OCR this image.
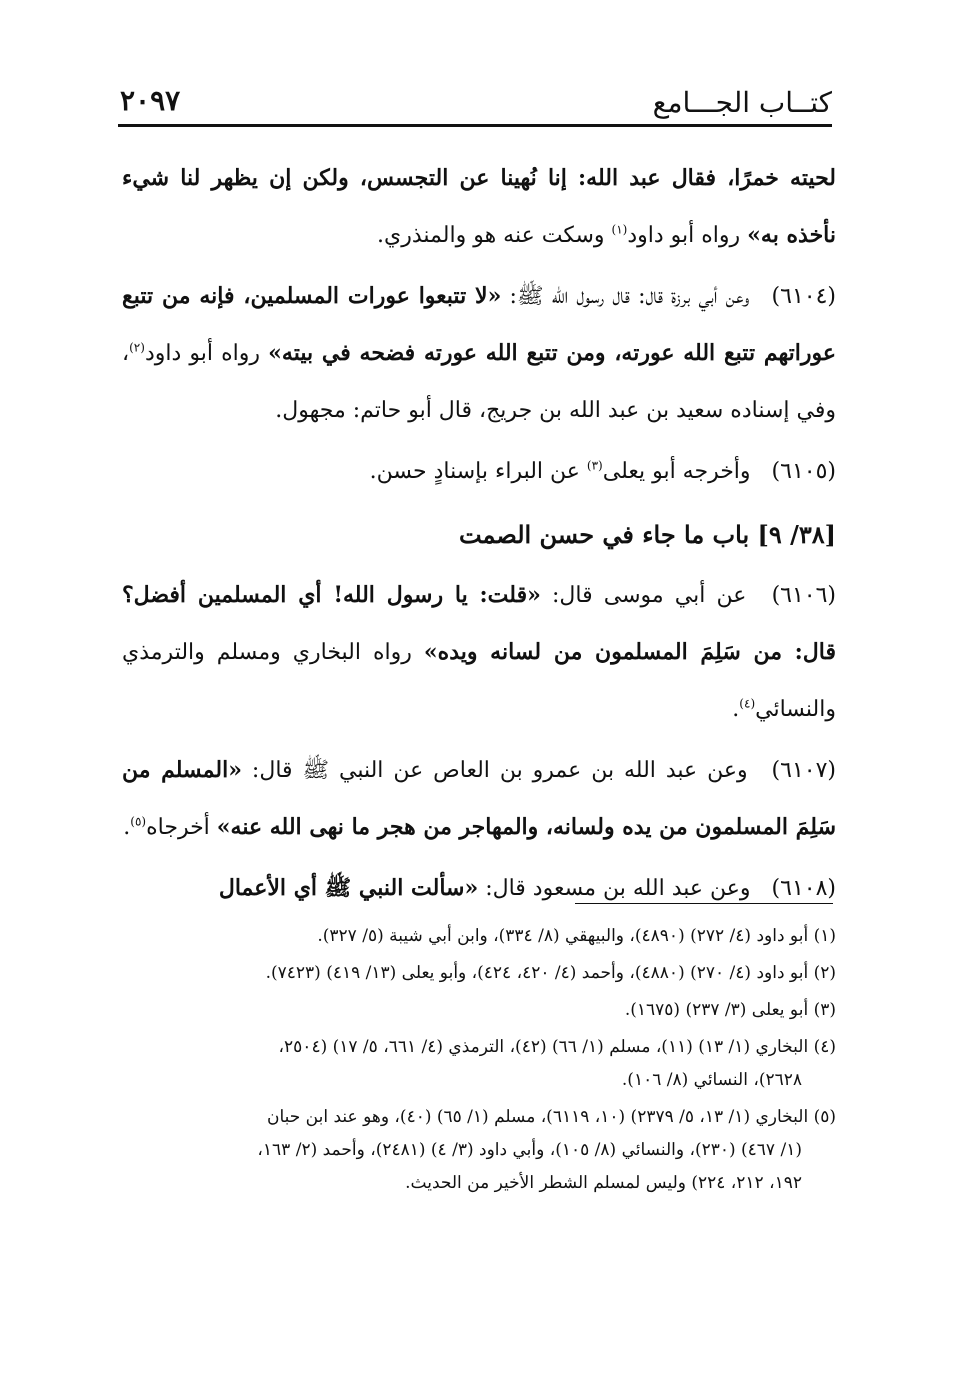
كتــاب الجـــامع
٢٠٩٧

لحيته خمرًا، فقال عبد الله: إنا نُهينا عن التجسس، ولكن إن يظهر لنا شيء نأخذه به» رواه أبو داود$^{(١)}$ وسكت عنه هو والمنذري.

(٦١٠٤) وعن أبي برزة قال: قال رسول الله ﷺ: «لا تتبعوا عورات المسلمين، فإنه من تتبع عوراتهم تتبع الله عورته، ومن تتبع الله عورته فضحه في بيته» رواه أبو داود$^{(٢)}$، وفي إسناده سعيد بن عبد الله بن جريج، قال أبو حاتم: مجهول.

(٦١٠٥) وأخرجه أبو يعلى$^{(٣)}$ عن البراء بإسنادٍ حسن.

[٣٨/ ٩] باب ما جاء في حسن الصمت

(٦١٠٦) عن أبي موسى قال: «قلت: يا رسول الله! أي المسلمين أفضل؟ قال: من سَلِمَ المسلمون من لسانه ويده» رواه البخاري ومسلم والترمذي والنسائي$^{(٤)}$.

(٦١٠٧) وعن عبد الله بن عمرو بن العاص عن النبي ﷺ قال: «المسلم من سَلِمَ المسلمون من يده ولسانه، والمهاجر من هجر ما نهى الله عنه» أخرجاه$^{(٥)}$.

(٦١٠٨) وعن عبد الله بن مسعود قال: «سألت النبي ﷺ أي الأعمال

(١) أبو داود (٤/ ٢٧٢) (٤٨٩٠)، والبيهقي (٨/ ٣٣٤)، وابن أبي شيبة (٥/ ٣٢٧).

(٢) أبو داود (٤/ ٢٧٠) (٤٨٨٠)، وأحمد (٤/ ٤٢٠، ٤٢٤)، وأبو يعلى (١٣/ ٤١٩) (٧٤٢٣).

(٣) أبو يعلى (٣/ ٢٣٧) (١٦٧٥).

(٤) البخاري (١/ ١٣) (١١)، مسلم (١/ ٦٦) (٤٢)، الترمذي (٤/ ٦٦١، ٥/ ١٧) (٢٥٠٤،
٢٦٢٨)، النسائي (٨/ ١٠٦).

(٥) البخاري (١/ ١٣، ٥/ ٢٣٧٩) (١٠، ٦١١٩)، مسلم (١/ ٦٥) (٤٠)، وهو عند ابن حبان
(١/ ٤٦٧) (٢٣٠)، والنسائي (٨/ ١٠٥)، وأبي داود (٣/ ٤) (٢٤٨١)، وأحمد (٢/ ١٦٣،
١٩٢، ٢١٢، ٢٢٤) وليس لمسلم الشطر الأخير من الحديث.
